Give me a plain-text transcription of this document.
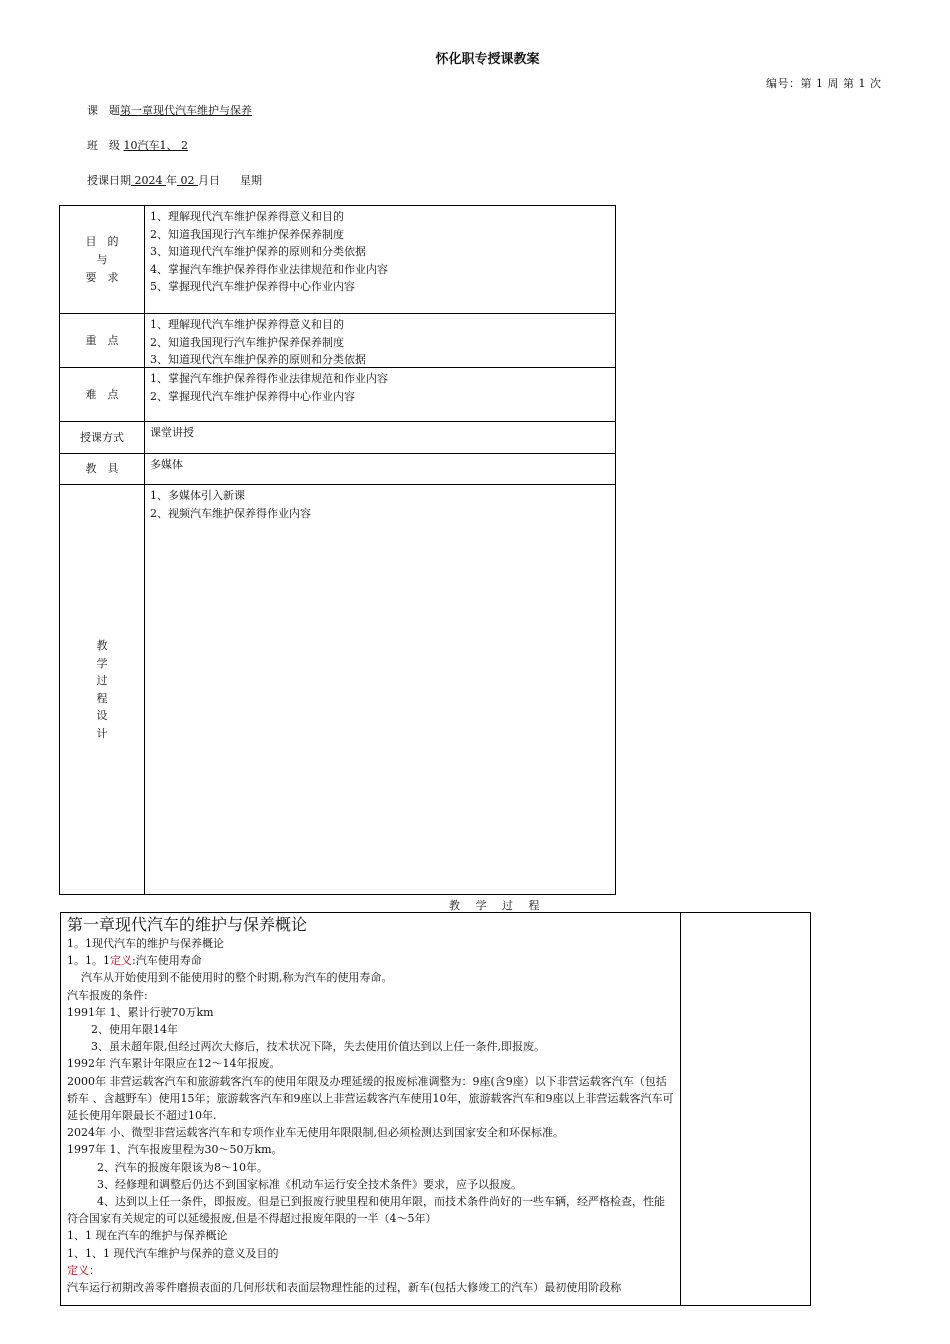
怀化职专授课教案
编号：第 1 周 第 1 次
课　题第一章现代汽车维护与保养
班　级 10汽车1、 2
授课日期 2024 年 02 月日 星期
目　的
与
要　求
1、理解现代汽车维护保养得意义和目的
2、知道我国现行汽车维护保养保养制度
3、知道现代汽车维护保养的原则和分类依据
4、掌握汽车维护保养得作业法律规范和作业内容
5、掌握现代汽车维护保养得中心作业内容
重　点
1、理解现代汽车维护保养得意义和目的
2、知道我国现行汽车维护保养保养制度
3、知道现代汽车维护保养的原则和分类依据
难　点
1、掌握汽车维护保养得作业法律规范和作业内容
2、掌握现代汽车维护保养得中心作业内容
授课方式	课堂讲授
教　具	多媒体
教
学
过
程
设
计
1、多媒体引入新课
2、视频汽车维护保养得作业内容
教 学 过 程
第一章现代汽车的维护与保养概论
1。1现代汽车的维护与保养概论
1。1。1定义:汽车使用寿命
汽车从开始使用到不能使用时的整个时期,称为汽车的使用寿命。
汽车报废的条件:
1991年 1、累计行驶70万km
2、使用年限14年
3、虽未超年限,但经过两次大修后，技术状况下降，失去使用价值达到以上任一条件,即报废。
1992年 汽车累计年限应在12～14年报废。
2000年 非营运载客汽车和旅游载客汽车的使用年限及办理延缓的报废标准调整为：9座(含9座）以下非营运载客汽车（包括轿车 、含越野车）使用15年；旅游载客汽车和9座以上非营运载客汽车使用10年，旅游载客汽车和9座以上非营运载客汽车可延长使用年限最长不超过10年.
2024年 小、微型非营运载客汽车和专项作业车无使用年限限制,但必须检测达到国家安全和环保标准。
1997年 1、汽车报废里程为30～50万km。
2、汽车的报废年限该为8～10年。
3、经修理和调整后仍达不到国家标准《机动车运行安全技术条件》要求，应予以报废。
4、达到以上任一条件，即报废。但是已到报废行驶里程和使用年限，而技术条件尚好的一些车辆，经严格检查，性能符合国家有关规定的可以延缓报废,但是不得超过报废年限的一半（4～5年）
1、1 现在汽车的维护与保养概论
1、1、1 现代汽车维护与保养的意义及目的
定义：
汽车运行初期改善零件磨损表面的几何形状和表面层物理性能的过程，新车(包括大修竣工的汽车）最初使用阶段称
